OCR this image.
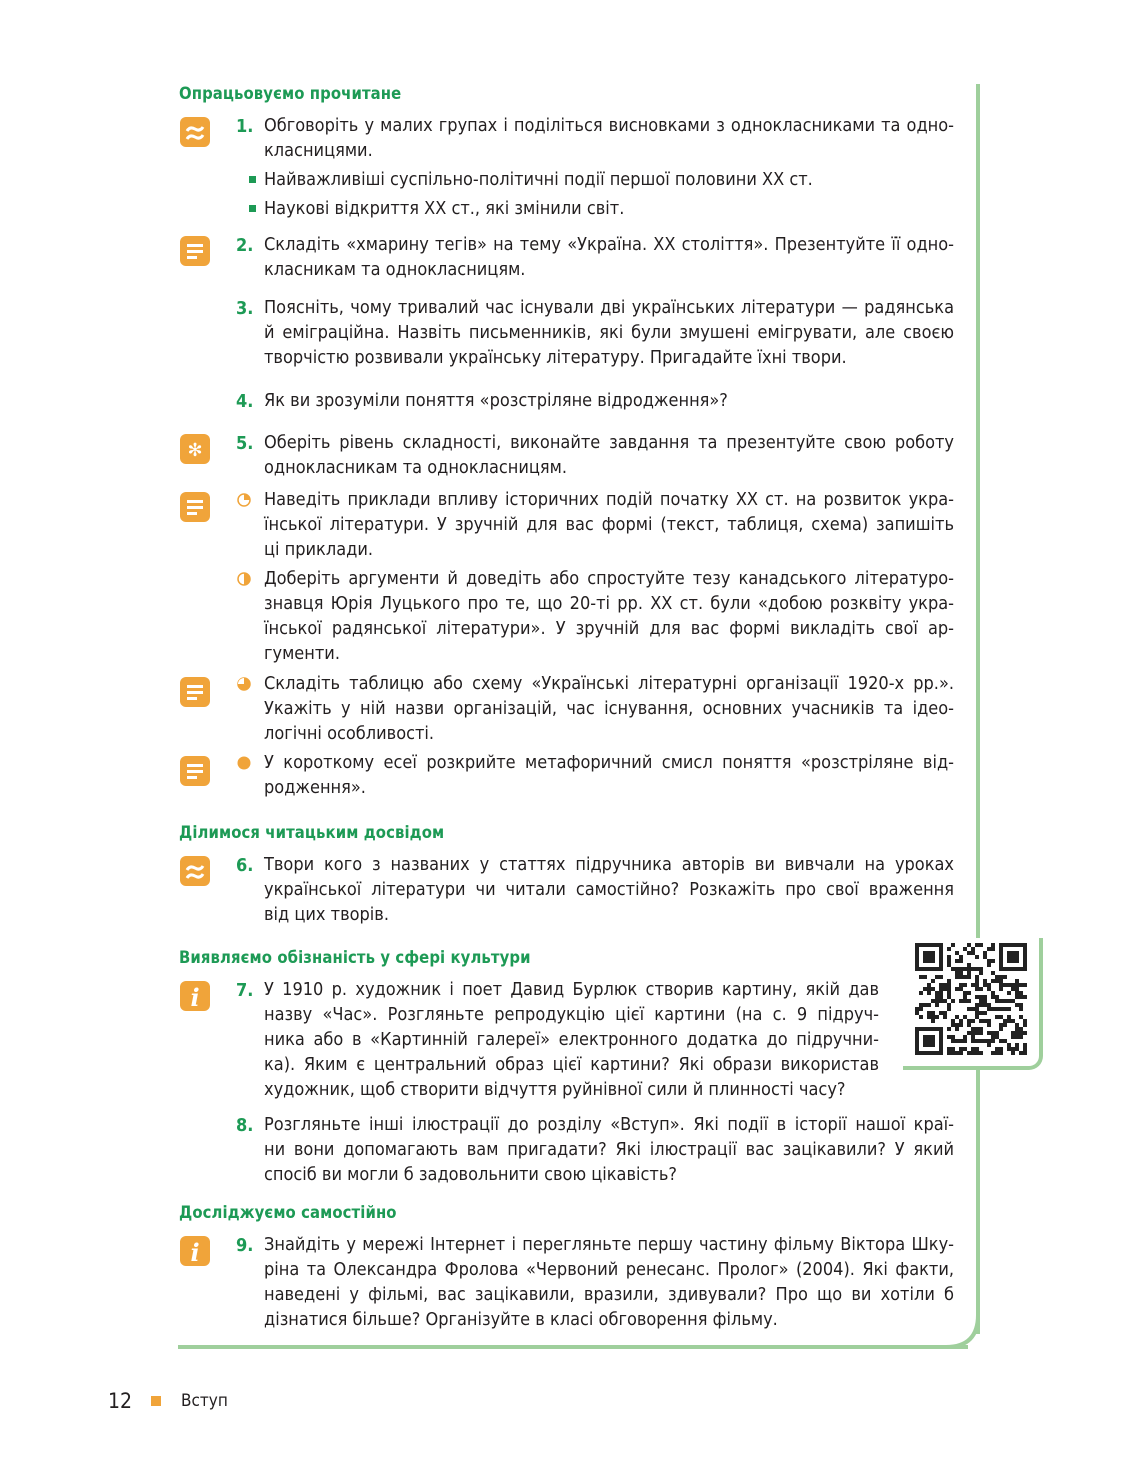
Опрацьовуємо прочитане
1. Обговоріть у малих групах і поділіться висновками з однокласниками та одно-
класницями.
Найважливіші суспільно-політичні події першої половини XX ст.
Наукові відкриття XX ст., які змінили світ.
2. Складіть «хмарину тегів» на тему «Україна. XX століття». Презентуйте її одно-
класникам та однокласницям.
3. Поясніть, чому тривалий час існували дві українських літератури — радянська
й еміграційна. Назвіть письменників, які були змушені емігрувати, але своєю
творчістю розвивали українську літературу. Пригадайте їхні твори.
4. Як ви зрозуміли поняття «розстріляне відродження»?
✻ 5. Оберіть рівень складності, виконайте завдання та презентуйте свою роботу
однокласникам та однокласницям.
Наведіть приклади впливу історичних подій початку XX ст. на розвиток укра-
їнської літератури. У зручній для вас формі (текст, таблиця, схема) запишіть
ці приклади.
Доберіть аргументи й доведіть або спростуйте тезу канадського літературо-
знавця Юрія Луцького про те, що 20-ті рр. XX ст. були «добою розквіту укра-
їнської радянської літератури». У зручній для вас формі викладіть свої ар-
гументи.
Складіть таблицю або схему «Українські літературні організації 1920-х рр.».
Укажіть у ній назви організацій, час існування, основних учасників та ідео-
логічні особливості.
У короткому есеї розкрийте метафоричний смисл поняття «розстріляне від-
родження».
Ділимося читацьким досвідом
6. Твори кого з названих у статтях підручника авторів ви вивчали на уроках
української літератури чи читали самостійно? Розкажіть про свої враження
від цих творів.
Виявляємо обізнаність у сфері культури
i 7. У 1910 р. художник і поет Давид Бурлюк створив картину, якій дав
назву «Час». Розгляньте репродукцію цієї картини (на с. 9 підруч-
ника або в «Картинній галереї» електронного додатка до підручни-
ка). Яким є центральний образ цієї картини? Які образи використав
художник, щоб створити відчуття руйнівної сили й плинності часу?
8. Розгляньте інші ілюстрації до розділу «Вступ». Які події в історії нашої краї-
ни вони допомагають вам пригадати? Які ілюстрації вас зацікавили? У який
спосіб ви могли б задовольнити свою цікавість?
Досліджуємо самостійно
i 9. Знайдіть у мережі Інтернет і перегляньте першу частину фільму Віктора Шку-
ріна та Олександра Фролова «Червоний ренесанс. Пролог» (2004). Які факти,
наведені у фільмі, вас зацікавили, вразили, здивували? Про що ви хотіли б
дізнатися більше? Організуйте в класі обговорення фільму.
12	Вступ
